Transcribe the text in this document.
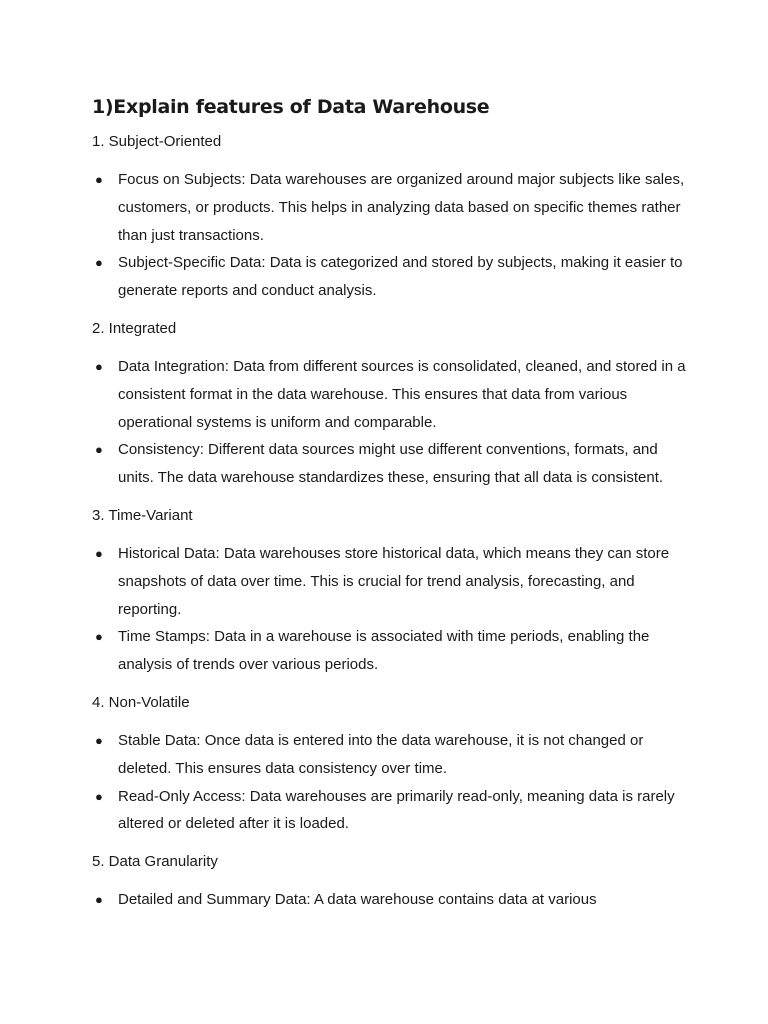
1)Explain features of Data Warehouse

1. Subject-Oriented

● Focus on Subjects: Data warehouses are organized around major subjects like sales, customers, or products. This helps in analyzing data based on specific themes rather than just transactions.
● Subject-Specific Data: Data is categorized and stored by subjects, making it easier to generate reports and conduct analysis.

2. Integrated

● Data Integration: Data from different sources is consolidated, cleaned, and stored in a consistent format in the data warehouse. This ensures that data from various operational systems is uniform and comparable.
● Consistency: Different data sources might use different conventions, formats, and units. The data warehouse standardizes these, ensuring that all data is consistent.

3. Time-Variant

● Historical Data: Data warehouses store historical data, which means they can store snapshots of data over time. This is crucial for trend analysis, forecasting, and reporting.
● Time Stamps: Data in a warehouse is associated with time periods, enabling the analysis of trends over various periods.

4. Non-Volatile

● Stable Data: Once data is entered into the data warehouse, it is not changed or deleted. This ensures data consistency over time.
● Read-Only Access: Data warehouses are primarily read-only, meaning data is rarely altered or deleted after it is loaded.

5. Data Granularity

● Detailed and Summary Data: A data warehouse contains data at various
